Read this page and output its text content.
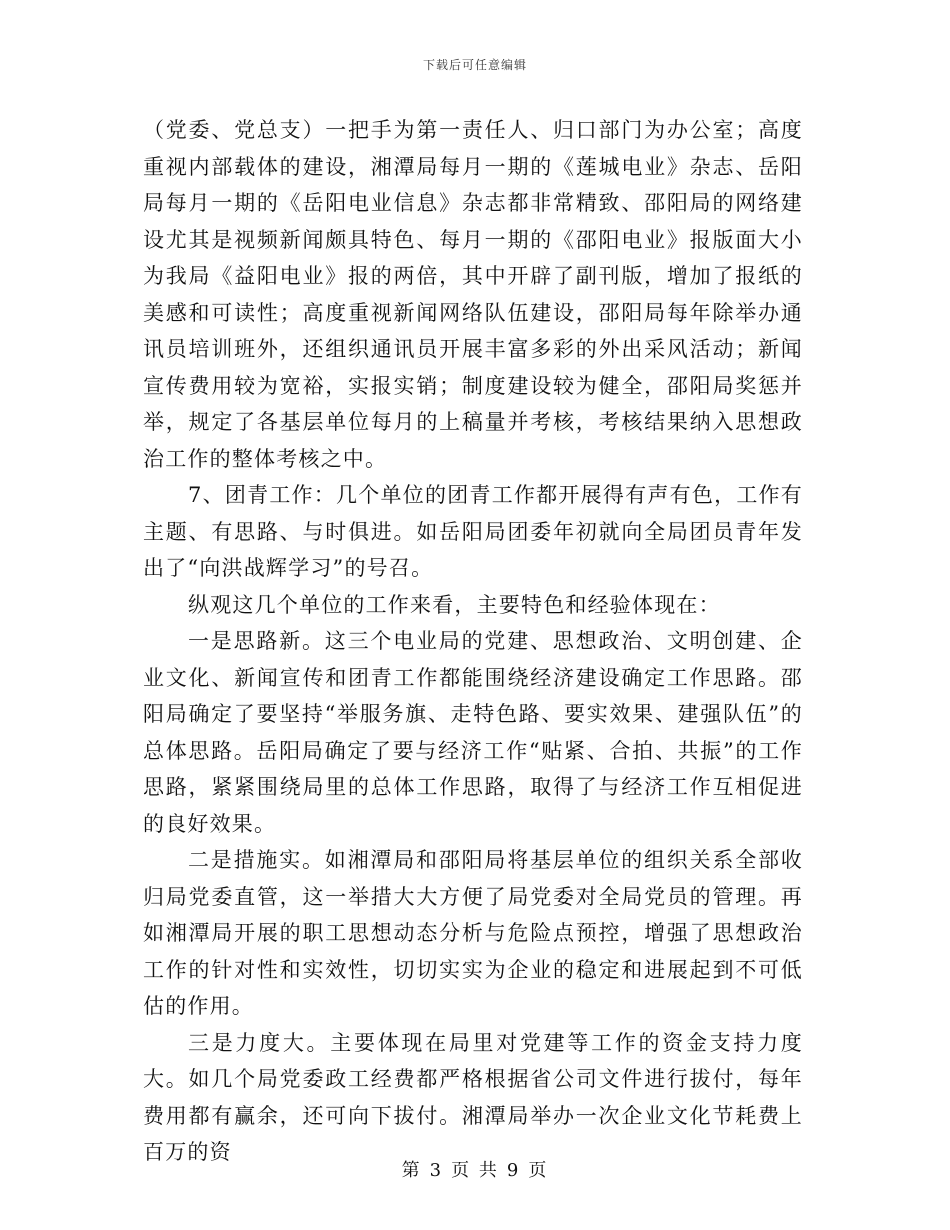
下载后可任意编辑

（党委、党总支）一把手为第一责任人、归口部门为办公室；高度重视内部载体的建设，湘潭局每月一期的《莲城电业》杂志、岳阳局每月一期的《岳阳电业信息》杂志都非常精致、邵阳局的网络建设尤其是视频新闻颇具特色、每月一期的《邵阳电业》报版面大小为我局《益阳电业》报的两倍，其中开辟了副刊版，增加了报纸的美感和可读性；高度重视新闻网络队伍建设，邵阳局每年除举办通讯员培训班外，还组织通讯员开展丰富多彩的外出采风活动；新闻宣传费用较为宽裕，实报实销；制度建设较为健全，邵阳局奖惩并举，规定了各基层单位每月的上稿量并考核，考核结果纳入思想政治工作的整体考核之中。

7、团青工作：几个单位的团青工作都开展得有声有色，工作有主题、有思路、与时俱进。如岳阳局团委年初就向全局团员青年发出了“向洪战辉学习”的号召。

纵观这几个单位的工作来看，主要特色和经验体现在：

一是思路新。这三个电业局的党建、思想政治、文明创建、企业文化、新闻宣传和团青工作都能围绕经济建设确定工作思路。邵阳局确定了要坚持“举服务旗、走特色路、要实效果、建强队伍”的总体思路。岳阳局确定了要与经济工作“贴紧、合拍、共振”的工作思路，紧紧围绕局里的总体工作思路，取得了与经济工作互相促进的良好效果。

二是措施实。如湘潭局和邵阳局将基层单位的组织关系全部收归局党委直管，这一举措大大方便了局党委对全局党员的管理。再如湘潭局开展的职工思想动态分析与危险点预控，增强了思想政治工作的针对性和实效性，切切实实为企业的稳定和进展起到不可低估的作用。

三是力度大。主要体现在局里对党建等工作的资金支持力度大。如几个局党委政工经费都严格根据省公司文件进行拔付，每年费用都有赢余，还可向下拔付。湘潭局举办一次企业文化节耗费上百万的资

第 3 页 共 9 页
